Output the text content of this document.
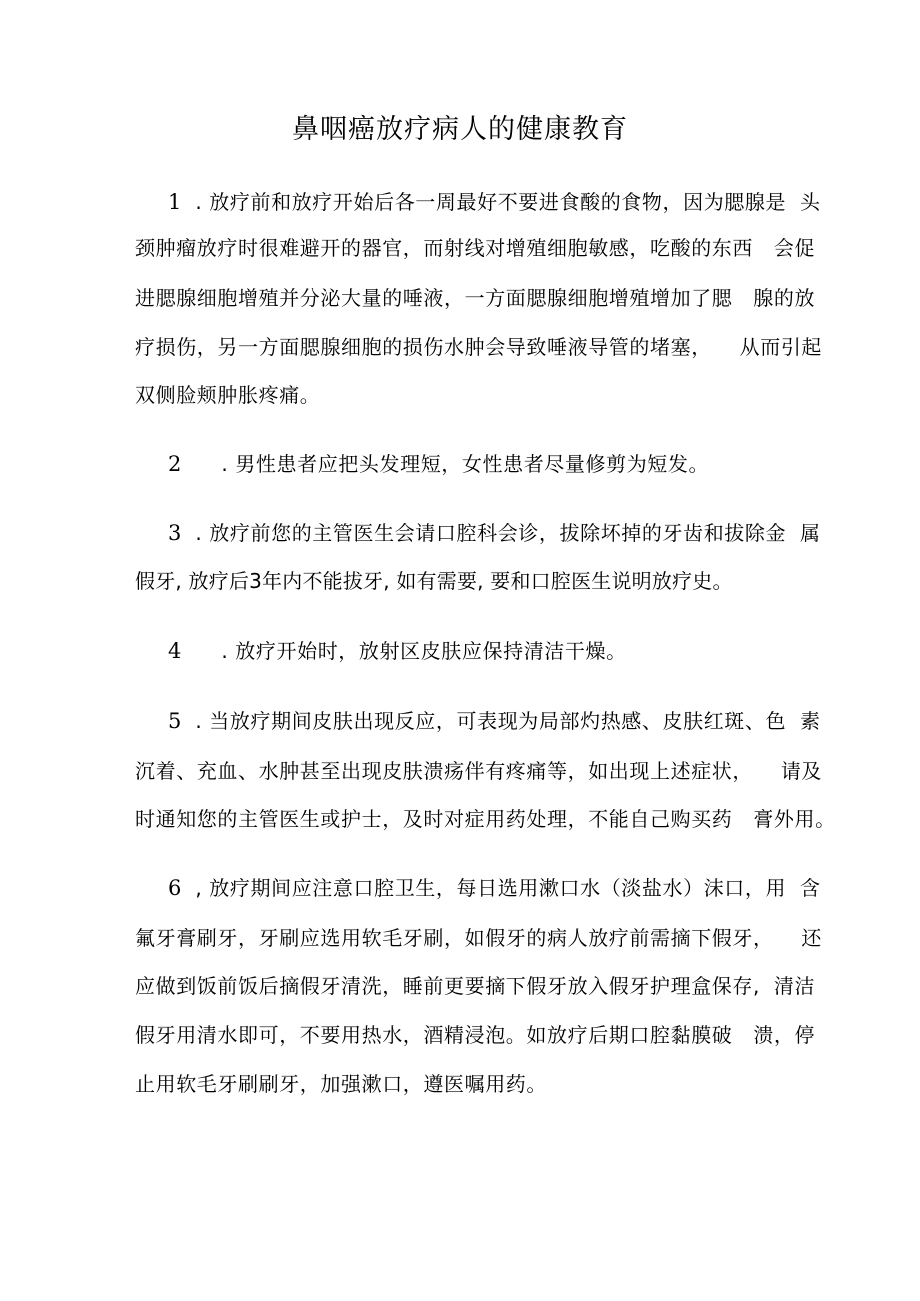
鼻咽癌放疗病人的健康教育
1 . 放疗前和放疗开始后各一周最好不要进食酸的食物，因为腮腺是  头
颈肿瘤放疗时很难避开的器官，而射线对增殖细胞敏感，吃酸的东西   会促
进腮腺细胞增殖并分泌大量的唾液，一方面腮腺细胞增殖增加了腮   腺的放
疗损伤，另一方面腮腺细胞的损伤水肿会导致唾液导管的堵塞，    从而引起
双侧脸颊肿胀疼痛。
2 . 男性患者应把头发理短，女性患者尽量修剪为短发。
3 . 放疗前您的主管医生会请口腔科会诊，拔除坏掉的牙齿和拔除金  属
假牙, 放疗后3年内不能拔牙, 如有需要, 要和口腔医生说明放疗史。
4 . 放疗开始时，放射区皮肤应保持清洁干燥。
5 . 当放疗期间皮肤出现反应，可表现为局部灼热感、皮肤红斑、色  素
沉着、充血、水肿甚至出现皮肤溃疡伴有疼痛等，如出现上述症状，    请及
时通知您的主管医生或护士，及时对症用药处理，不能自己购买药   膏外用。
6 , 放疗期间应注意口腔卫生，每日选用漱口水（淡盐水）沫口，用  含
氟牙膏刷牙，牙刷应选用软毛牙刷，如假牙的病人放疗前需摘下假牙，    还
应做到饭前饭后摘假牙清洗，睡前更要摘下假牙放入假牙护理盒保存,  清洁
假牙用清水即可，不要用热水，酒精浸泡。如放疗后期口腔黏膜破   溃，停
止用软毛牙刷刷牙，加强漱口，遵医嘱用药。
